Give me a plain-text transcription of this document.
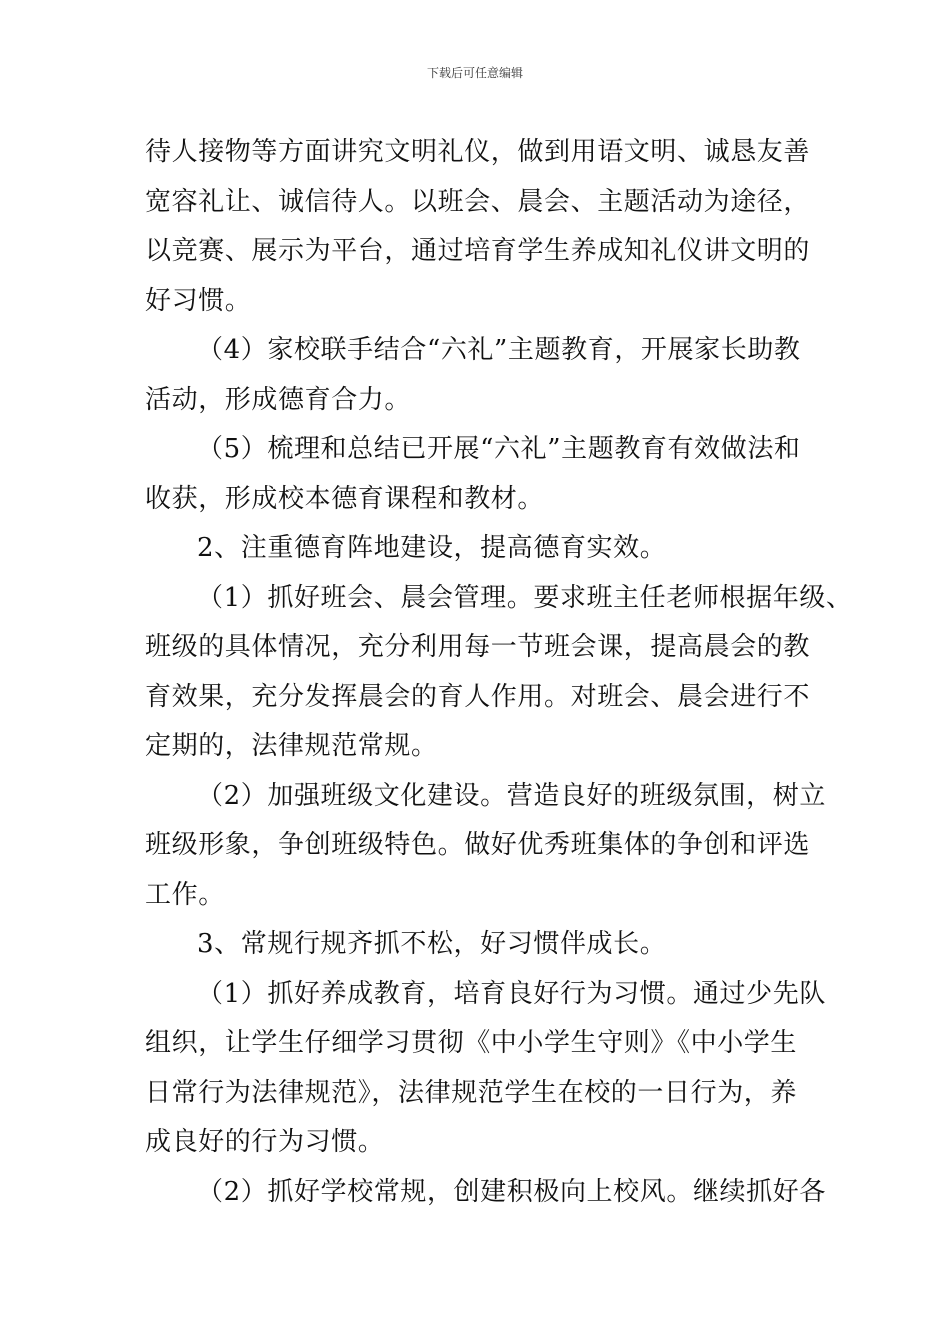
下载后可任意编辑
待人接物等方面讲究文明礼仪，做到用语文明、诚恳友善
宽容礼让、诚信待人。以班会、晨会、主题活动为途径，
以竞赛、展示为平台，通过培育学生养成知礼仪讲文明的
好习惯。
（4）家校联手结合“六礼”主题教育，开展家长助教
活动，形成德育合力。
（5）梳理和总结已开展“六礼”主题教育有效做法和
收获，形成校本德育课程和教材。
2、注重德育阵地建设，提高德育实效。
（1）抓好班会、晨会管理。要求班主任老师根据年级、
班级的具体情况，充分利用每一节班会课，提高晨会的教
育效果，充分发挥晨会的育人作用。对班会、晨会进行不
定期的，法律规范常规。
（2）加强班级文化建设。营造良好的班级氛围，树立
班级形象，争创班级特色。做好优秀班集体的争创和评选
工作。
3、常规行规齐抓不松，好习惯伴成长。
（1）抓好养成教育，培育良好行为习惯。通过少先队
组织，让学生仔细学习贯彻《中小学生守则》《中小学生
日常行为法律规范》，法律规范学生在校的一日行为，养
成良好的行为习惯。
（2）抓好学校常规，创建积极向上校风。继续抓好各
